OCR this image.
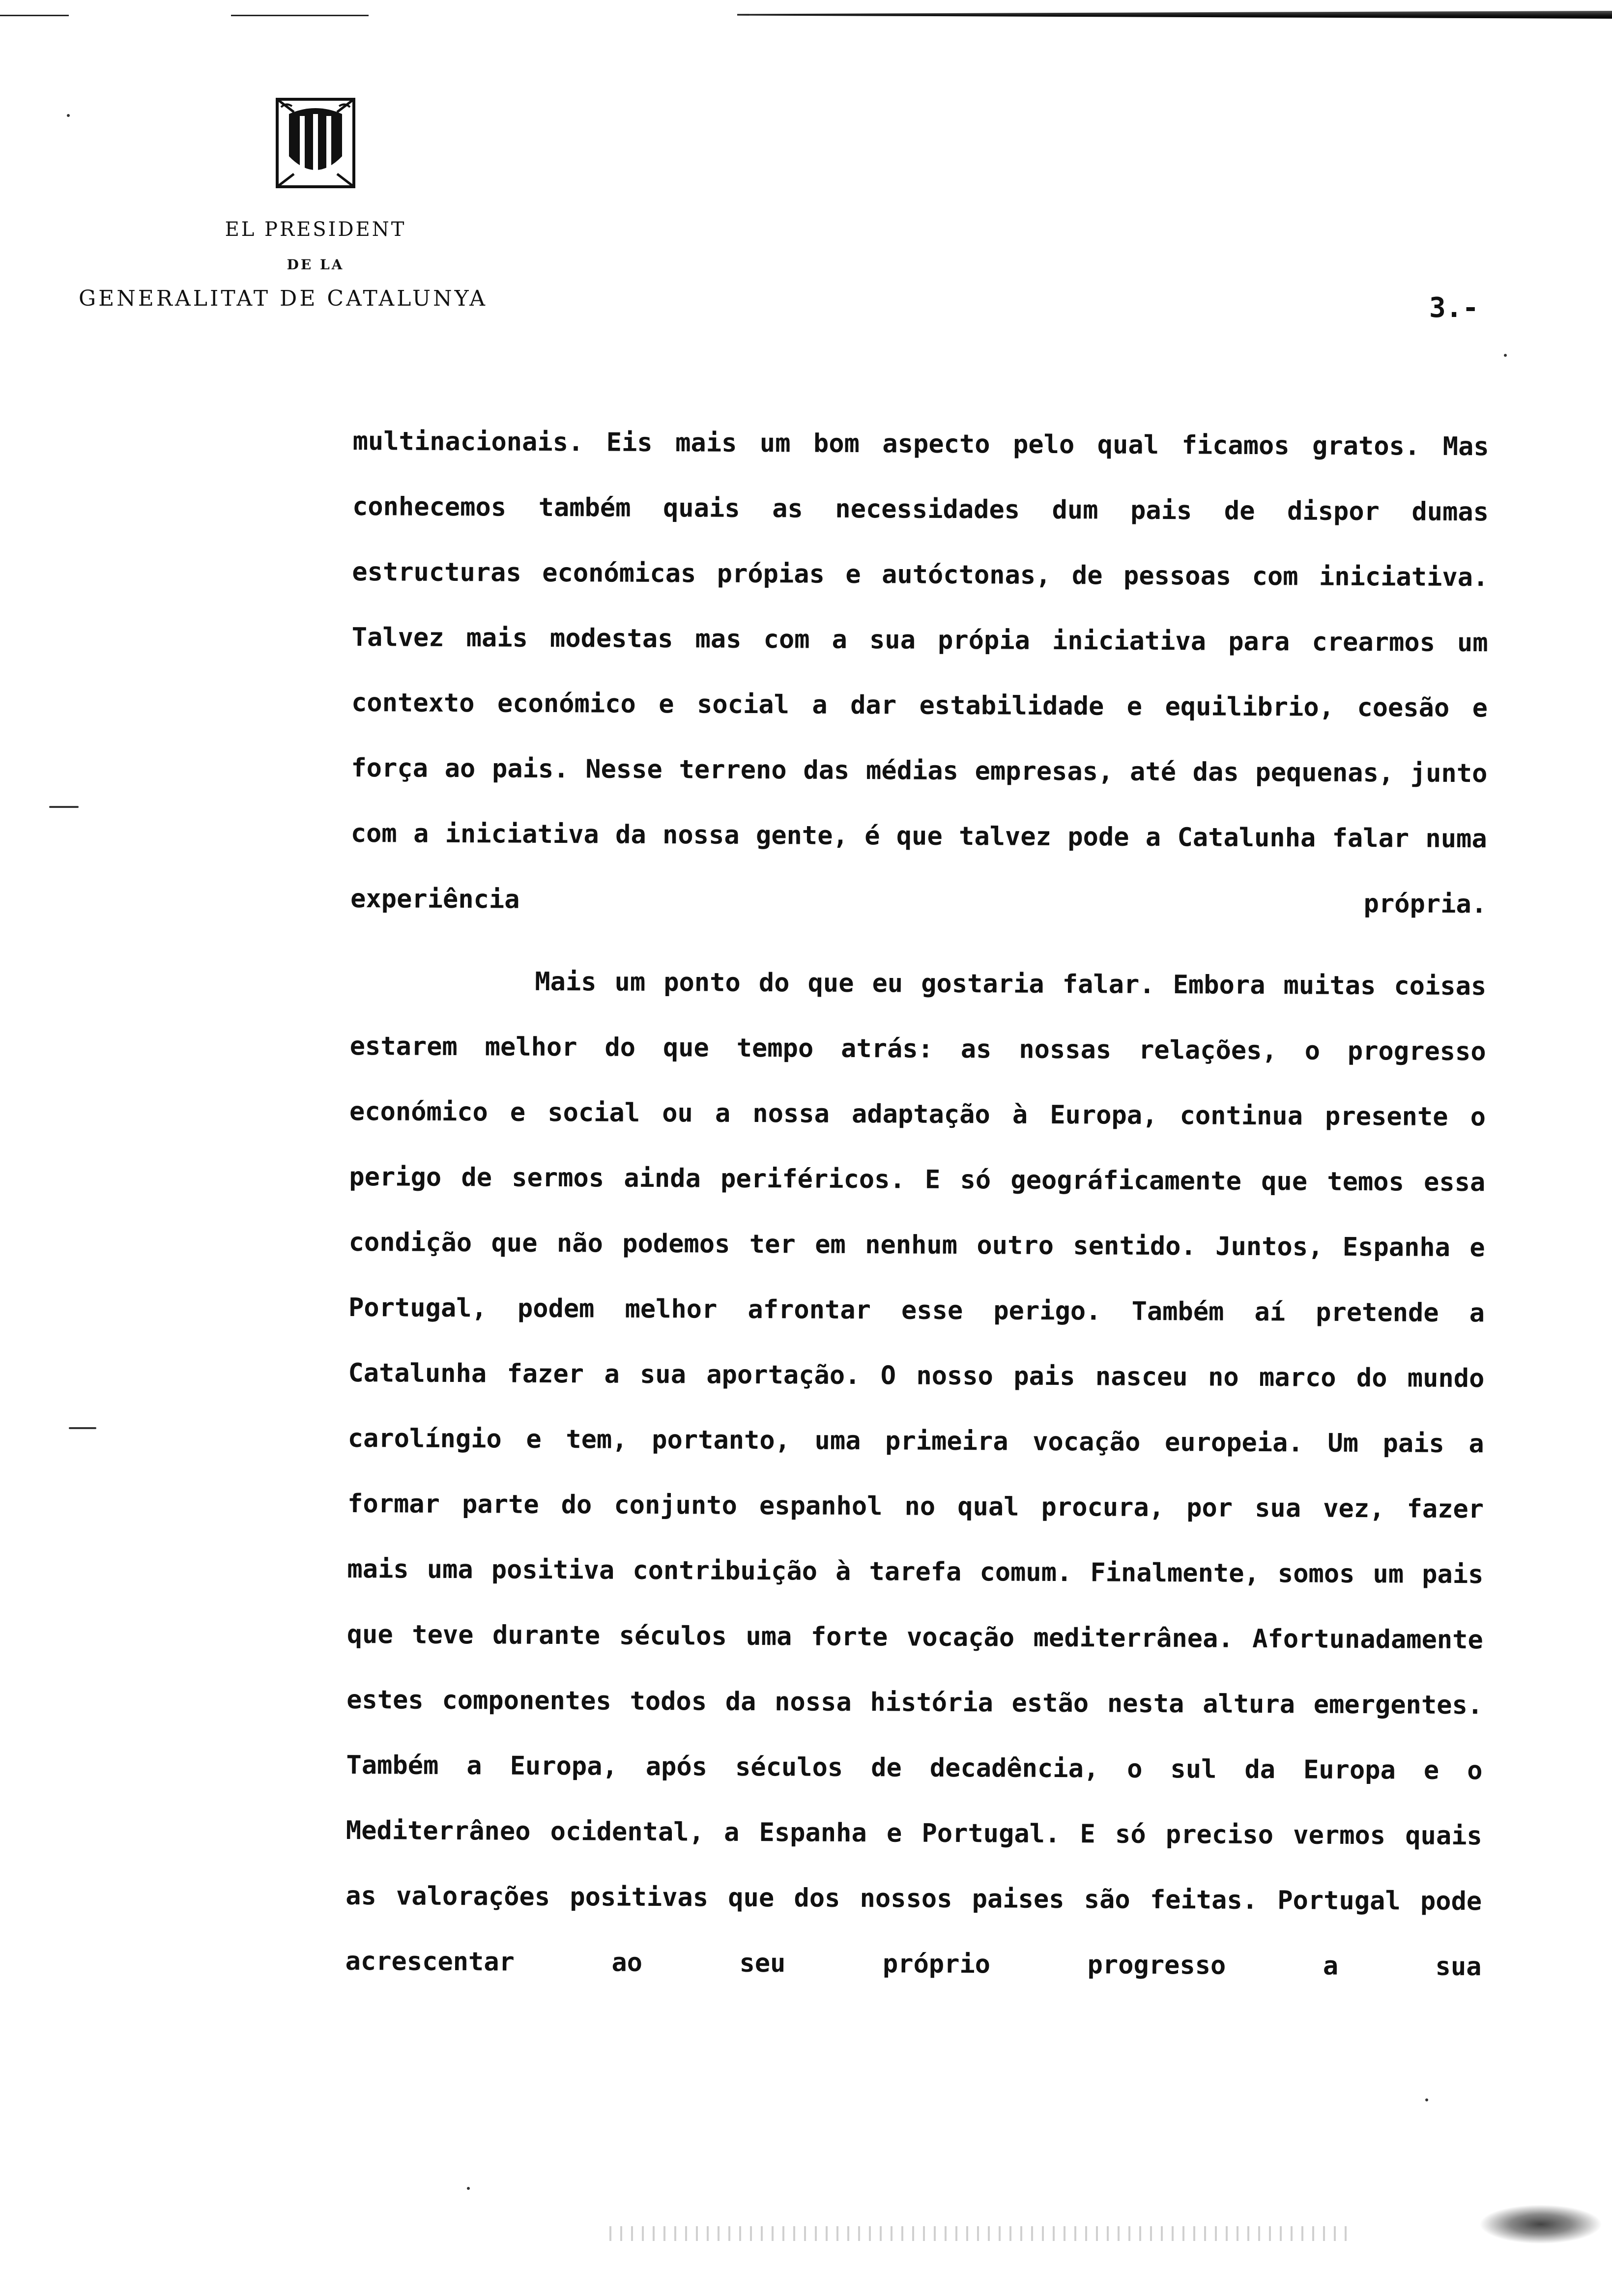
EL PRESIDENT
DE LA
GENERALITAT DE CATALUNYA	3.-

multinacionais. Eis mais um bom aspecto pelo qual ficamos gratos. Mas conhecemos também quais as necessidades dum pais de dispor dumas estructuras económicas própias e autóctonas, de pessoas com iniciativa. Talvez mais modestas mas com a sua própia iniciativa para crearmos um contexto económico e social a dar estabilidade e equilibrio, coesão e força ao pais. Nesse terreno das médias empresas, até das pequenas, junto com a iniciativa da nossa gente, é que talvez pode a Catalunha falar numa experiência própria.

Mais um ponto do que eu gostaria falar. Embora muitas coisas estarem melhor do que tempo atrás: as nossas relações, o progresso económico e social ou a nossa adaptação à Europa, continua presente o perigo de sermos ainda periféricos. E só geográficamente que temos essa condição que não podemos ter em nenhum outro sentido. Juntos, Espanha e Portugal, podem melhor afrontar esse perigo. Também aí pretende a Catalunha fazer a sua aportação. O nosso pais nasceu no marco do mundo carolíngio e tem, portanto, uma primeira vocação europeia. Um pais a formar parte do conjunto espanhol no qual procura, por sua vez, fazer mais uma positiva contribuição à tarefa comum. Finalmente, somos um pais que teve durante séculos uma forte vocação mediterrânea. Afortunadamente estes componentes todos da nossa história estão nesta altura emergentes. Também a Europa, após séculos de decadência, o sul da Europa e o Mediterrâneo ocidental, a Espanha e Portugal. E só preciso vermos quais as valorações positivas que dos nossos paises são feitas. Portugal pode acrescentar ao seu próprio progresso a sua
